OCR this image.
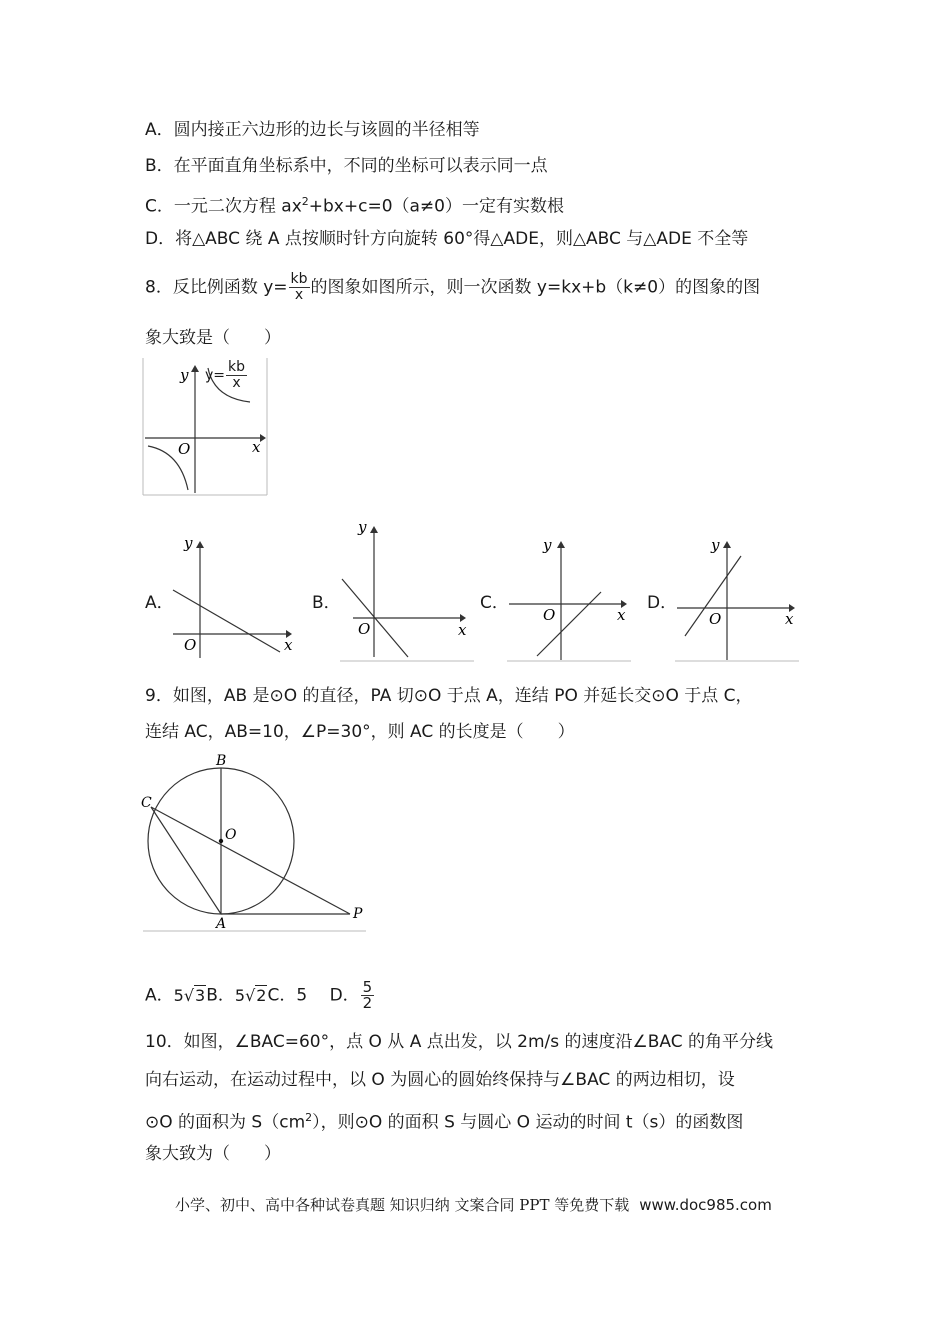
A．圆内接正六边形的边长与该圆的半径相等
B．在平面直角坐标系中，不同的坐标可以表示同一点
C．一元二次方程 $ax^2+bx+c=0(a\ne 0)$一定有实数根
D．将△ABC 绕 A 点按顺时针方向旋转 60°得△ADE，则△ABC 与△ADE 不全等
8．反比例函数 $y= \frac{kb}{x}$ 的图象如图所示，则一次函数 y=kx+b（k≠0）的图象的图
象大致是（　　）
y
x
O
$y= \frac{kb}{x}$
A．
y
x
O
B．
y
x
O
C．
y
x
O
D．
y
x
O
9．如图，AB 是⊙O 的直径，PA 切⊙O 于点 A，连结 PO 并延长交⊙O 于点 C，
连结 AC，AB=10，∠P=30°，则 AC 的长度是（　　）
B
C
O
A
P
A．5√3B．5√2C．5　 D． $\frac{5}{2}$
10．如图，∠BAC=60°，点 O 从 A 点出发，以 2m/s 的速度沿∠BAC 的角平分线
向右运动，在运动过程中，以 O 为圆心的圆始终保持与∠BAC 的两边相切，设
⊙O 的面积为 $S(cm^2)$，则⊙O 的面积 S 与圆心 O 运动的时间 t（s）的函数图
象大致为（　　）
小学、初中、高中各种试卷真题 知识归纳 文案合同 PPT 等免费下载 www.doc985.com
